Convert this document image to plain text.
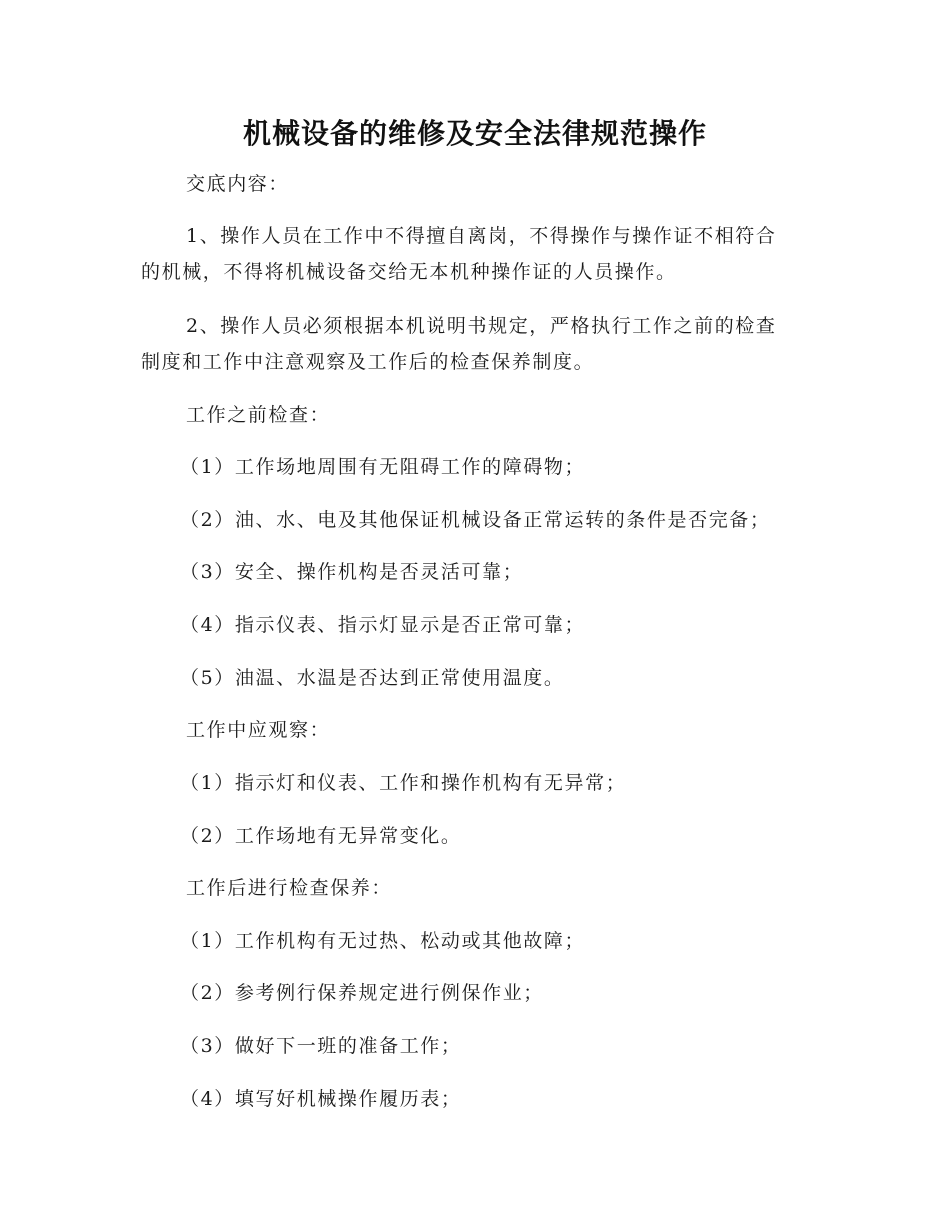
机械设备的维修及安全法律规范操作
交底内容：
1、操作人员在工作中不得擅自离岗，不得操作与操作证不相符合
的机械，不得将机械设备交给无本机种操作证的人员操作。
2、操作人员必须根据本机说明书规定，严格执行工作之前的检查
制度和工作中注意观察及工作后的检查保养制度。
工作之前检查：
（1）工作场地周围有无阻碍工作的障碍物；
（2）油、水、电及其他保证机械设备正常运转的条件是否完备；
（3）安全、操作机构是否灵活可靠；
（4）指示仪表、指示灯显示是否正常可靠；
（5）油温、水温是否达到正常使用温度。
工作中应观察：
（1）指示灯和仪表、工作和操作机构有无异常；
（2）工作场地有无异常变化。
工作后进行检查保养：
（1）工作机构有无过热、松动或其他故障；
（2）参考例行保养规定进行例保作业；
（3）做好下一班的准备工作；
（4）填写好机械操作履历表；
